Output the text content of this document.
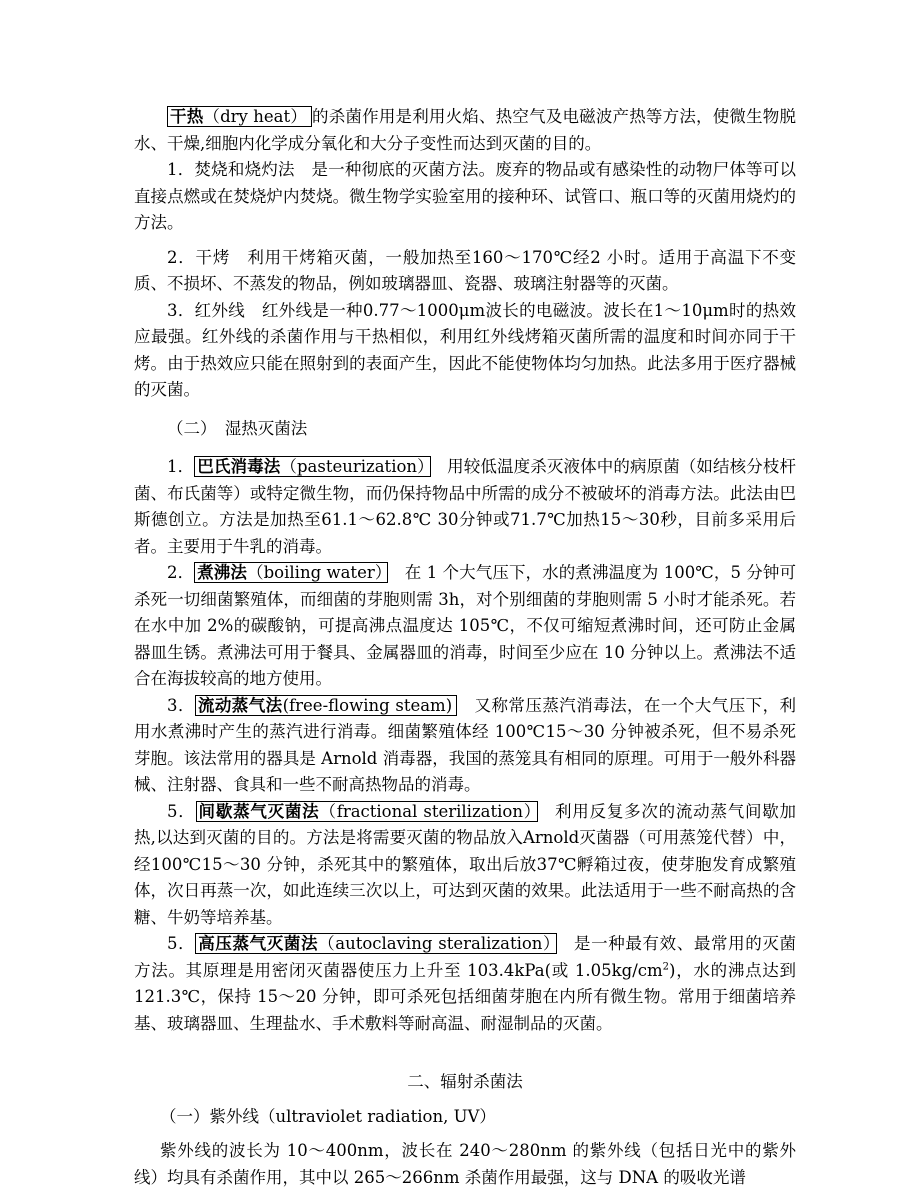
干热（dry heat） 的杀菌作用是利用火焰、热空气及电磁波产热等方法，使微生物脱水、干燥,细胞内化学成分氧化和大分子变性而达到灭菌的目的。

1．焚烧和烧灼法　是一种彻底的灭菌方法。废弃的物品或有感染性的动物尸体等可以直接点燃或在焚烧炉内焚烧。微生物学实验室用的接种环、试管口、瓶口等的灭菌用烧灼的方法。

2．干烤　利用干烤箱灭菌，一般加热至160～170℃经2 小时。适用于高温下不变质、不损坏、不蒸发的物品，例如玻璃器皿、瓷器、玻璃注射器等的灭菌。

3．红外线　红外线是一种0.77～1000μm波长的电磁波。波长在1～10μm时的热效应最强。红外线的杀菌作用与干热相似，利用红外线烤箱灭菌所需的温度和时间亦同于干烤。由于热效应只能在照射到的表面产生，因此不能使物体均匀加热。此法多用于医疗器械的灭菌。

（二）　湿热灭菌法

1． 巴氏消毒法（pasteurization）　用较低温度杀灭液体中的病原菌（如结核分枝杆菌、布氏菌等）或特定微生物，而仍保持物品中所需的成分不被破坏的消毒方法。此法由巴斯德创立。方法是加热至61.1～62.8℃ 30分钟或71.7℃加热15～30秒，目前多采用后者。主要用于牛乳的消毒。

2． 煮沸法（boiling water）　在 1 个大气压下，水的煮沸温度为 100℃，5 分钟可杀死一切细菌繁殖体，而细菌的芽胞则需 3h，对个别细菌的芽胞则需 5 小时才能杀死。若在水中加 2%的碳酸钠，可提高沸点温度达 105℃，不仅可缩短煮沸时间，还可防止金属器皿生锈。煮沸法可用于餐具、金属器皿的消毒，时间至少应在 10 分钟以上。煮沸法不适合在海拔较高的地方使用。

3． 流动蒸气法(free-flowing steam)　又称常压蒸汽消毒法，在一个大气压下，利用水煮沸时产生的蒸汽进行消毒。细菌繁殖体经 100℃15～30 分钟被杀死，但不易杀死芽胞。该法常用的器具是 Arnold 消毒器，我国的蒸笼具有相同的原理。可用于一般外科器械、注射器、食具和一些不耐高热物品的消毒。

5． 间歇蒸气灭菌法（fractional sterilization）　利用反复多次的流动蒸气间歇加热,以达到灭菌的目的。方法是将需要灭菌的物品放入Arnold灭菌器（可用蒸笼代替）中，经100℃15～30 分钟，杀死其中的繁殖体，取出后放37℃孵箱过夜，使芽胞发育成繁殖体，次日再蒸一次，如此连续三次以上，可达到灭菌的效果。此法适用于一些不耐高热的含糖、牛奶等培养基。

5． 高压蒸气灭菌法（autoclaving steralization）　是一种最有效、最常用的灭菌方法。其原理是用密闭灭菌器使压力上升至 103.4kPa(或 $1.05kg/cm^2$)，水的沸点达到 121.3℃，保持 15～20 分钟，即可杀死包括细菌芽胞在内所有微生物。常用于细菌培养基、玻璃器皿、生理盐水、手术敷料等耐高温、耐湿制品的灭菌。

二、辐射杀菌法

（一）紫外线（ultraviolet radiation, UV）

紫外线的波长为 10～400nm，波长在 240～280nm 的紫外线（包括日光中的紫外线）均具有杀菌作用，其中以 265～266nm 杀菌作用最强，这与 DNA 的吸收光谱
